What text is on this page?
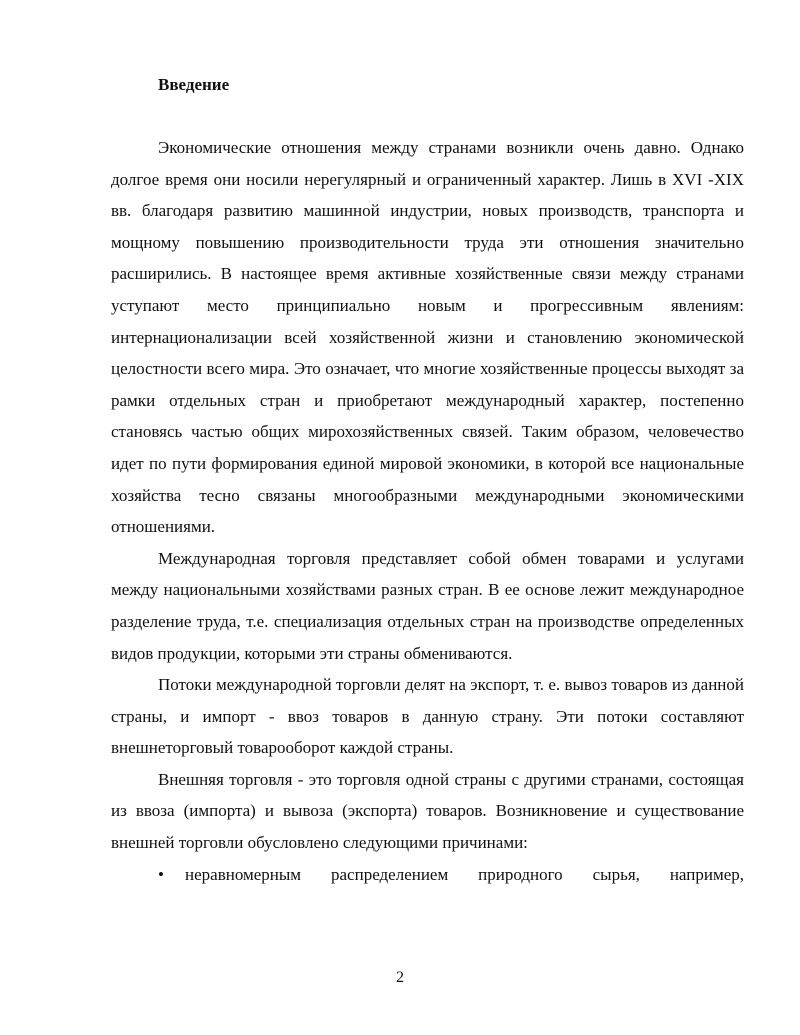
Введение

Экономические отношения между странами возникли очень давно. Однако долгое время они носили нерегулярный и ограниченный характер. Лишь в XVI -XIX вв. благодаря развитию машинной индустрии, новых производств, транспорта и мощному повышению производительности труда эти отношения значительно расширились. В настоящее время активные хозяйственные связи между странами уступают место принципиально новым и прогрессивным явлениям: интернационализации всей хозяйственной жизни и становлению экономической целостности всего мира. Это означает, что многие хозяйственные процессы выходят за рамки отдельных стран и приобретают международный характер, постепенно становясь частью общих мирохозяйственных связей. Таким образом, человечество идет по пути формирования единой мировой экономики, в которой все национальные хозяйства тесно связаны многообразными международными экономическими отношениями.

Международная торговля представляет собой обмен товарами и услугами между национальными хозяйствами разных стран. В ее основе лежит международное разделение труда, т.е. специализация отдельных стран на производстве определенных видов продукции, которыми эти страны обмениваются.

Потоки международной торговли делят на экспорт, т. е. вывоз товаров из данной страны, и импорт - ввоз товаров в данную страну. Эти потоки составляют внешнеторговый товарооборот каждой страны.

Внешняя торговля - это торговля одной страны с другими странами, состоящая из ввоза (импорта) и вывоза (экспорта) товаров. Возникновение и существование внешней торговли обусловлено следующими причинами:

• неравномерным распределением природного сырья, например,

2
